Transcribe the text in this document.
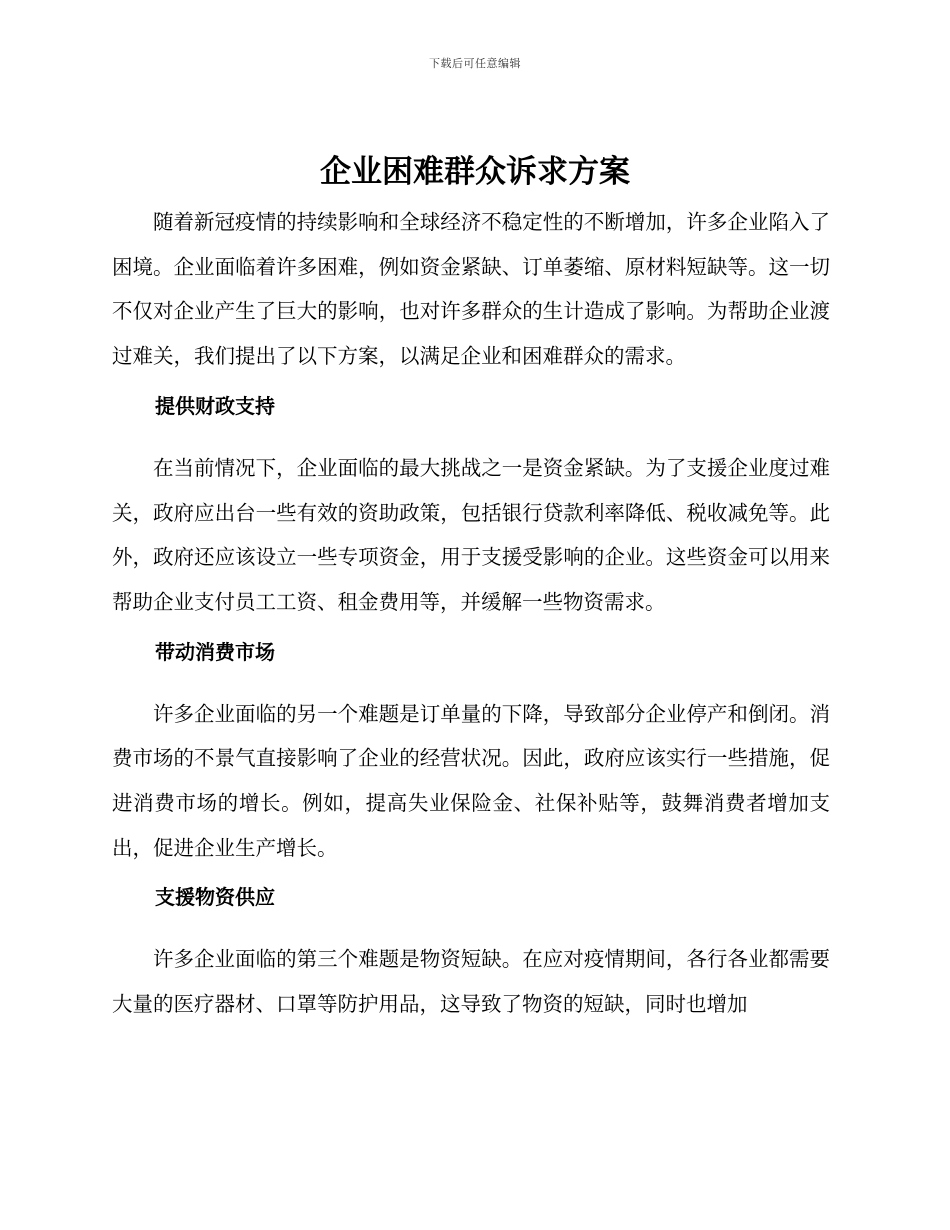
下载后可任意编辑
企业困难群众诉求方案

随着新冠疫情的持续影响和全球经济不稳定性的不断增加，许多企业陷入了困境。企业面临着许多困难，例如资金紧缺、订单萎缩、原材料短缺等。这一切不仅对企业产生了巨大的影响，也对许多群众的生计造成了影响。为帮助企业渡过难关，我们提出了以下方案，以满足企业和困难群众的需求。

提供财政支持

在当前情况下，企业面临的最大挑战之一是资金紧缺。为了支援企业度过难关，政府应出台一些有效的资助政策，包括银行贷款利率降低、税收减免等。此外，政府还应该设立一些专项资金，用于支援受影响的企业。这些资金可以用来帮助企业支付员工工资、租金费用等，并缓解一些物资需求。

带动消费市场

许多企业面临的另一个难题是订单量的下降，导致部分企业停产和倒闭。消费市场的不景气直接影响了企业的经营状况。因此，政府应该实行一些措施，促进消费市场的增长。例如，提高失业保险金、社保补贴等，鼓舞消费者增加支出，促进企业生产增长。

支援物资供应

许多企业面临的第三个难题是物资短缺。在应对疫情期间，各行各业都需要大量的医疗器材、口罩等防护用品，这导致了物资的短缺，同时也增加
